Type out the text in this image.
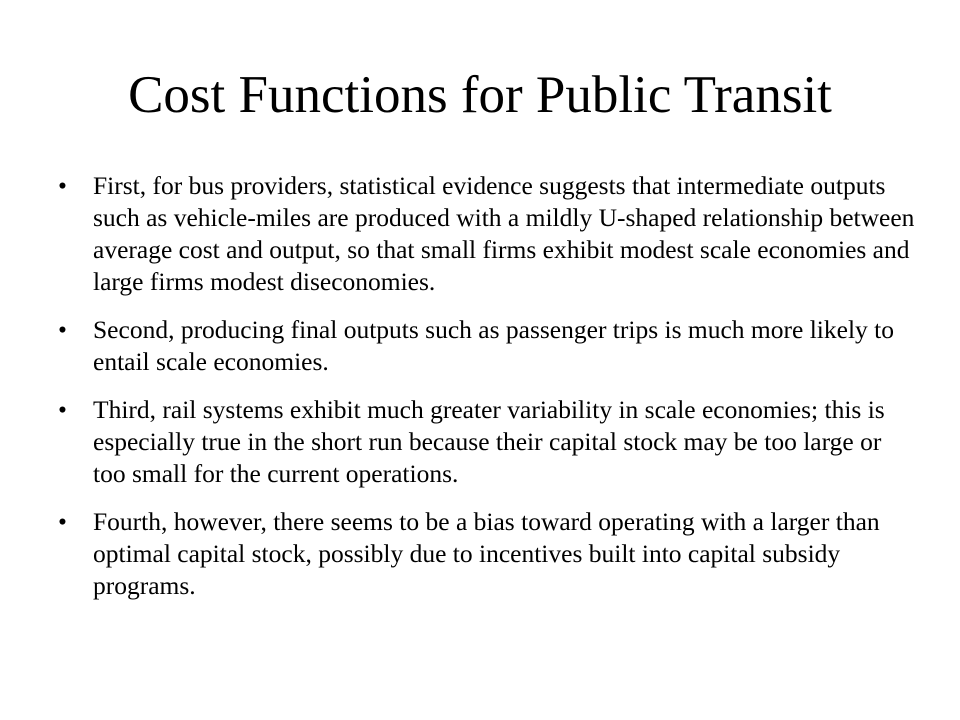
Cost Functions for Public Transit
• First, for bus providers, statistical evidence suggests that intermediate outputs such as vehicle-miles are produced with a mildly U-shaped relationship between average cost and output, so that small firms exhibit modest scale economies and large firms modest diseconomies.
• Second, producing final outputs such as passenger trips is much more likely to entail scale economies.
• Third, rail systems exhibit much greater variability in scale economies; this is especially true in the short run because their capital stock may be too large or too small for the current operations.
• Fourth, however, there seems to be a bias toward operating with a larger than optimal capital stock, possibly due to incentives built into capital subsidy programs.
